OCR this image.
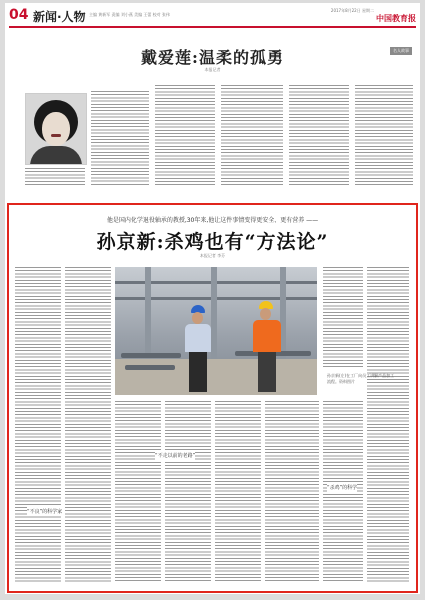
04 新闻·人物 主编 黄新军 责编 刘小燕 美编 王蕾 校对 张伟
2017年8月22日 星期二
中国教育报
戴爱莲:温柔的孤勇
本报记者
名人故事
他是国内化学退役轴承的教授,30年来,他让这件事情变得更安全、更有营养 ——
孙京新:杀鸡也有“方法论”
本报记者 李芬
孙京新(左)在工厂向员工讲解产品加工流程。资料图片
“不良”的科学家
“杀鸡”的科学
“不走以前的老路”
